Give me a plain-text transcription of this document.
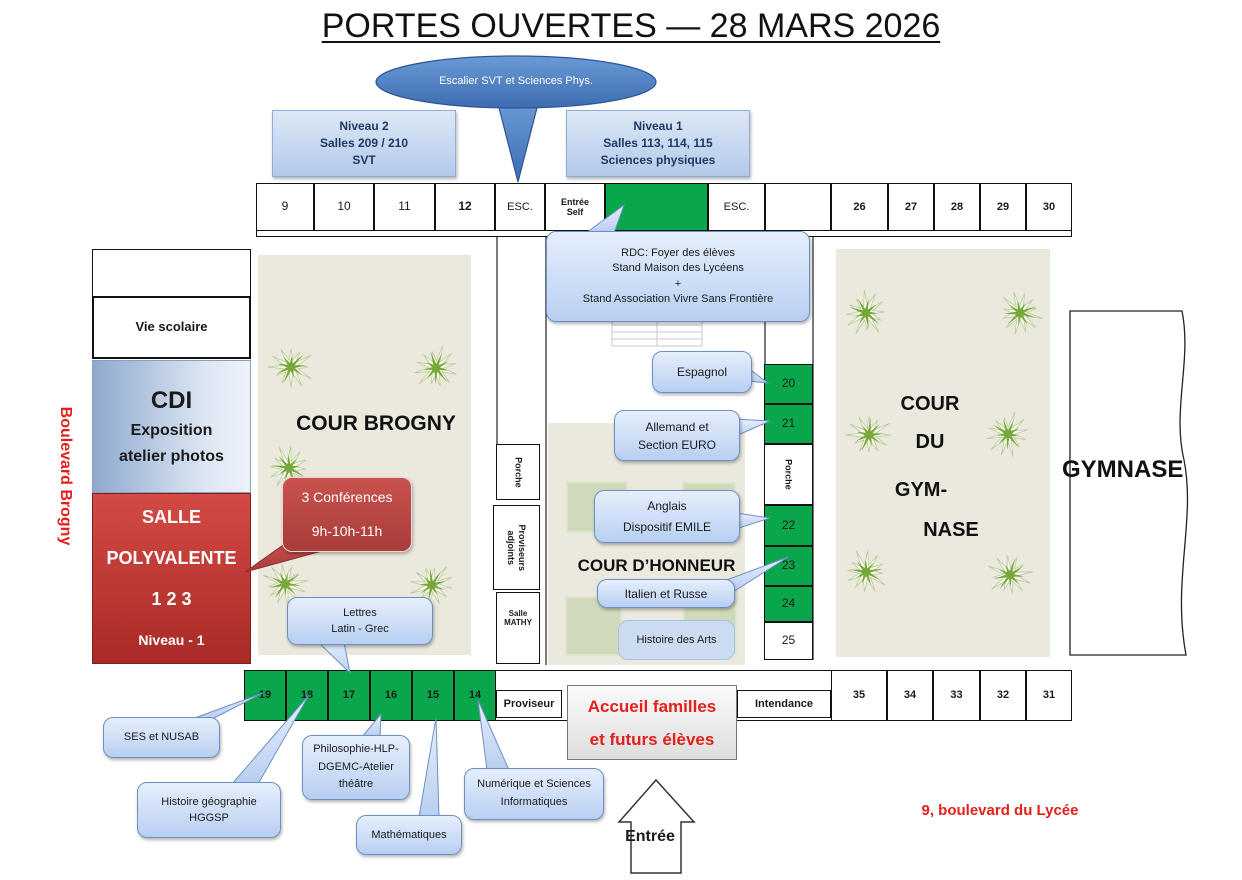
PORTES OUVERTES — 28 MARS 2026
9	10	11	12	ESC.	Entrée Self	ESC.	26	27	28	29	30
Vie scolaire
CDI
Exposition
atelier photos
SALLE
POLYVALENTE
1 2 3
Niveau - 1
Boulevard Brogny	COUR BROGNY
COUR D’HONNEUR
COUR
DU
GYM-
NASE
GYMNASE
Porche
Proviseurs
adjoints
Salle
MATHY
20
21
Porche
22
23
24
25
19	18	17	16	15	14
Proviseur	Accueil familles
et futurs élèves
Intendance
35	34	33	32	31
Entrée
9, boulevard du Lycée
Escalier SVT et Sciences Phys.
Niveau 2
Salles 209 / 210
SVT
Niveau 1
Salles 113, 114, 115
Sciences physiques
RDC: Foyer des élèves
Stand Maison des Lycéens
+
Stand Association Vivre Sans Frontière
3 Conférences
9h-10h-11h
Espagnol
Allemand et
Section EURO
Anglais
Dispositif EMILE
Italien et Russe
Histoire des Arts
Lettres
Latin - Grec
SES et NUSAB
Histoire géographie
HGGSP
Philosophie-HLP-
DGEMC-Atelier
théâtre
Mathématiques
Numérique et Sciences
Informatiques
